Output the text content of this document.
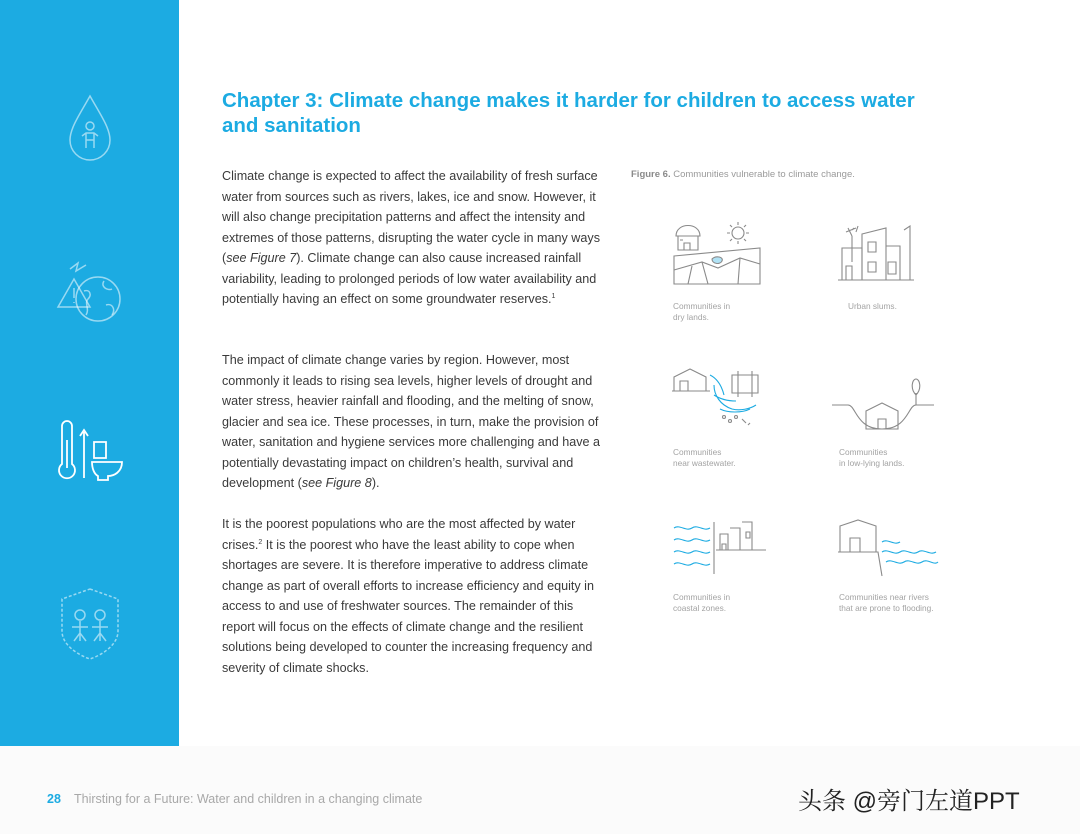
Chapter 3: Climate change makes it harder for children to access water
and sanitation

Climate change is expected to affect the availability of fresh surface water from sources such as rivers, lakes, ice and snow. However, it will also change precipitation patterns and affect the intensity and extremes of those patterns, disrupting the water cycle in many ways (see Figure 7). Climate change can also cause increased rainfall variability, leading to prolonged periods of low water availability and potentially having an effect on some groundwater reserves.$^1$

The impact of climate change varies by region. However, most commonly it leads to rising sea levels, higher levels of drought and water stress, heavier rainfall and flooding, and the melting of snow, glacier and sea ice. These processes, in turn, make the provision of water, sanitation and hygiene services more challenging and have a potentially devastating impact on children’s health, survival and development (see Figure 8).

It is the poorest populations who are the most affected by water crises.$^2$ It is the poorest who have the least ability to cope when shortages are severe. It is therefore imperative to address climate change as part of overall efforts to increase efficiency and equity in access to and use of freshwater sources. The remainder of this report will focus on the effects of climate change and the resilient solutions being developed to counter the increasing frequency and severity of climate shocks.

Figure 6. Communities vulnerable to climate change.

Communities in
dry lands.
Urban slums.

Communities
near wastewater.
Communities
in low-lying lands.
Communities in
coastal zones.
Communities near rivers
that are prone to flooding.
28 Thirsting for a Future: Water and children in a changing climate	头条 @旁门左道PPT
